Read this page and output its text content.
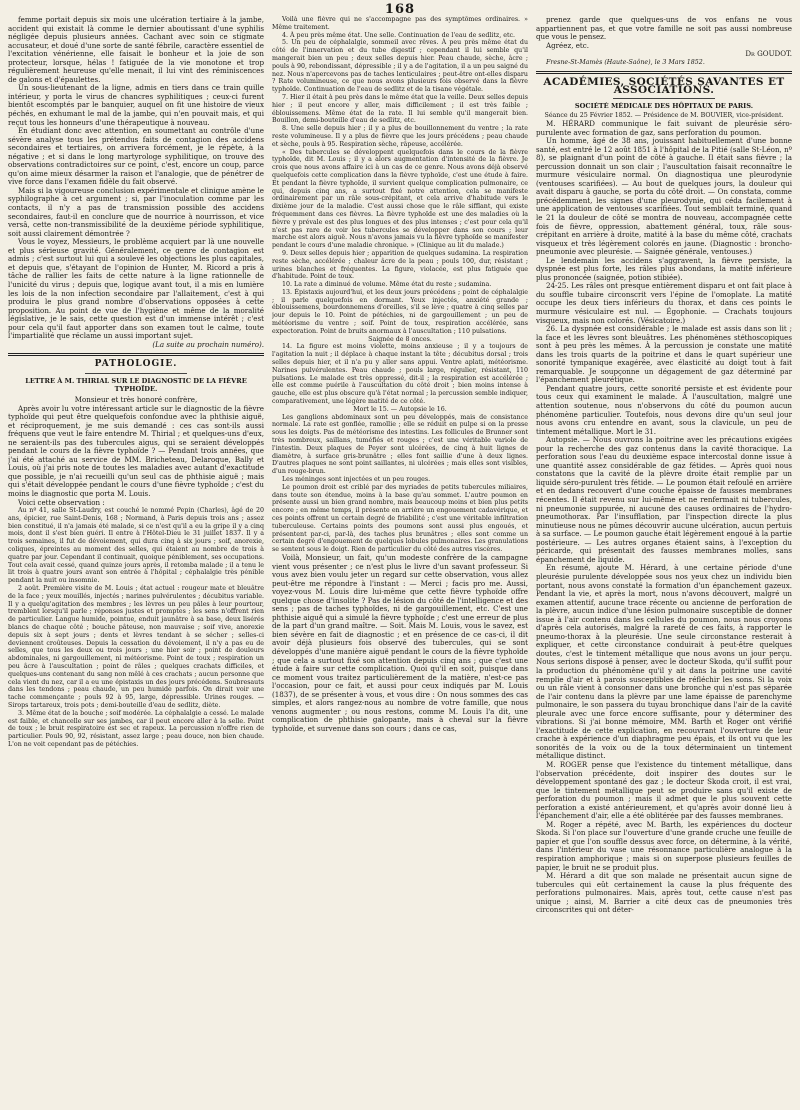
168

femme portait depuis six mois une ulcération tertiaire à la jambe, accident qui existait là comme le dernier aboutissant d'une syphilis négligée depuis plusieurs années. Cachant avec soin ce stigmate accusateur, et doué d'une sorte de santé fébrile, caractère essentiel de l'excitation vénérienne, elle faisait le bonheur et la joie de son protecteur, lorsque, hélas ! fatiguée de la vie monotone et trop régulièrement heureuse qu'elle menait, il lui vint des réminiscences de galons et d'épaulettes.

Un sous-lieutenant de la ligne, admis en tiers dans ce train quille intérieur, y porta le virus de chancres syphilitiques ; ceux-ci furent bientôt escomptés par le banquier, auquel on fit une histoire de vieux péchés, en exhumant le mal de la jambe, qui n'en pouvait mais, et qui reçut tous les honneurs d'une thérapeutique à nouveau.

En étudiant donc avec attention, en soumettant au contrôle d'une sévère analyse tous les prétendus faits de contagion des accidens secondaires et tertiaires, on arrivera forcément, je le répète, à la négative ; et si dans le long martyrologe syphilitique, on trouve des observations contradictoires sur ce point, c'est, encore un coup, parce qu'on aime mieux désarmer la raison et l'analogie, que de pénétrer de vive force dans l'examen fidèle du fait observé.

Mais si la vigoureuse conclusion expérimentale et clinique amène le syphilographe à cet argument ; si, par l'inoculation comme par les contacts, il n'y a pas de transmission possible des accidens secondaires, faut-il en conclure que de nourrice à nourrisson, et vice versâ, cette non-transmissibilité de la deuxième période syphilitique, soit aussi clairement démontrée ?

Vous le voyez, Messieurs, le problème acquiert par là une nouvelle et plus sérieuse gravité. Généralement, ce genre de contagion est admis ; c'est surtout lui qui a soulevé les objections les plus capitales, et depuis que, s'étayant de l'opinion de Hunter, M. Ricord a pris à tâche de rallier les faits de cette nature à la ligne rationnelle de l'unicité du virus ; depuis que, logique avant tout, il a mis en lumière les lois de la non infection secondaire par l'allaitement, c'est à qui produira le plus grand nombre d'observations opposées à cette proposition. Au point de vue de l'hygiène et même de la moralité législative, je le sais, cette question est d'un immense intérêt ; c'est pour cela qu'il faut apporter dans son examen tout le calme, toute l'impartialité que réclame un aussi important sujet.

(La suite au prochain numéro).

PATHOLOGIE.
LETTRE À M. THIRIAL SUR LE DIAGNOSTIC DE LA FIÈVRE TYPHOÏDE.

Monsieur et très honoré confrère,

Après avoir lu votre intéressant article sur le diagnostic de la fièvre typhoïde qui peut être quelquefois confondue avec la phthisie aiguë, et réciproquement, je me suis demandé : ces cas sont-ils aussi fréquens que veut le faire entendre M. Thirial ; et quelques-uns d'eux, ne seraient-ils pas des tubercules aigus, qui se seraient développés pendant le cours de la fièvre typhoïde ? — Pendant trois années, que j'ai été attaché au service de MM. Bricheteau, Delaroque, Bally et Louis, où j'ai pris note de toutes les maladies avec autant d'exactitude que possible, je n'ai recueilli qu'un seul cas de phthisie aiguë ; mais qui s'était développée pendant le cours d'une fièvre typhoïde ; c'est du moins le diagnostic que porta M. Louis.

Voici cette observation :

Au nº 41, salle St-Laudry, est couché le nommé Pepin (Charles), âgé de 20 ans, épicier, rue Saint-Denis, 168 ; Normand, à Paris depuis trois ans ; assez bien constitué, il n'a jamais été malade, si ce n'est qu'il a eu la gripe il y a cinq mois, dont il s'est bien guéri. Il entre à l'Hôtel-Dieu le 31 juillet 1837. Il y a trois semaines, il fut de dévoiement, qui dura cinq à six jours ; soif, anorexie, coliques, épreintes au moment des selles, qui étaient au nombre de trois à quatre par jour. Cependant il continuait, quoique péniblement, ses occupations. Tout cela avait cessé, quand quinze jours après, il retomba malade ; il a tenu le lit trois à quatre jours avant son entrée à l'hôpital ; céphalalgie très pénible pendant la nuit ou insomnie.

2 août. Première visite de M. Louis ; état actuel : rougeur mate et bleuâtre de la face ; yeux mouillés, injectés ; narines pulvérulentes ; décubitus variable. Il y a quelqu'agitation des membres ; les lèvres un peu pâles à leur pourtour, tremblent lorsqu'il parle ; réponses justes et promptes ; les sens n'offrent rien de particulier. Langue humide, pointue, enduit jaunâtre à sa base, deux lisérés blancs de chaque côté ; bouche pâteuse, non mauvaise ; soif vive, anorexie depuis six à sept jours ; dents et lèvres tendant à se sécher ; selles-ci deviennent croûteuses. Depuis la cessation du dévoiement, il n'y a pas eu de selles, que tous les deux ou trois jours ; une hier soir ; point de douleurs abdominales, ni gargouillement, ni météorisme. Point de toux ; respiration un peu âcre à l'auscultation ; point de râles ; quelques crachats difficiles, et quelques-uns contenant du sang non mêlé à ces crachats ; aucun personne que cela vient du nez, car il a eu une épistaxis un des jours précédens. Soubresauts dans les tendons ; peau chaude, un peu humide parfois. On dirait voir une tache commençante ; pouls 92 à 95, large, dépressible. Urines rouges. — Sirops tartareux, trois pots ; demi-bouteille d'eau de sedlitz, diète.

3. Même état de la bouche ; soif modérée. La céphalalgie a cessé. Le malade est faible, et chancelle sur ses jambes, car il peut encore aller à la selle. Point de toux ; le bruit respiratoire est sec et rapeux. La percussion n'offre rien de particulier. Pouls 90, 92, résistant, assez large ; peau douce, non bien chaude. L'on ne voit cependant pas de pétéchies.

Voilà une fièvre qui ne s'accompagne pas des symptômes ordinaires. » Même traitement.

4. À peu près même état. Une selle. Continuation de l'eau de sedlitz, etc.

5. Un peu de céphalalgie, sommeil avec rêves. À peu près même état du côté de l'innervation et du tube digestif ; cependant il lui semble qu'il mangerait bien un peu ; deux selles depuis hier. Peau chaude, sèche, âcre ; pouls à 90, rebondissant, dépressible ; il y a de l'agitation, il a un peu saigné du nez. Nous n'apercevons pas de taches lenticulaires ; peut-être ont-elles disparu ? Rate volumineuse, ce que nous avons plusieurs fois observé dans la fièvre typhoïde. Continuation de l'eau de sedlitz et de la tisane végétale.

7. Hier il était à peu près dans le même état que la veille. Deux selles depuis hier ; il peut encore y aller, mais difficilement ; il est très faible ; éblouissemens. Même état de la rate. Il lui semble qu'il mangerait bien. Bouillon, demi-bouteille d'eau de sedlitz, etc.

8. Une selle depuis hier ; il y a plus de bouillonnement du ventre ; la rate reste volumineuse. Il y a plus de fièvre que les jours précédens ; peau chaude et sèche, pouls à 95. Respiration sèche, râpeuse, accélérée.

« Des tubercules se développent quelquefois dans le cours de la fièvre typhoïde, dit M. Louis ; il y a alors augmentation d'intensité de la fièvre. Je crois que nous avons affaire ici à un cas de ce genre. Nous avons déjà observé quelquefois cette complication dans la fièvre typhoïde, c'est une étude à faire. Et pendant la fièvre typhoïde, il survient quelque complication pulmonaire, ce qui, depuis cinq ans, a surtout fixé notre attention, cela se manifeste ordinairement par un râle sous-crépitant, et cela arrive d'habitude vers le dixième jour de la maladie. C'est aussi chose que le râle sifflant, qui existe fréquemment dans ces fièvres. La fièvre typhoïde est une des maladies où la fièvre y prévale est des plus longues et des plus intenses ; c'est pour cela qu'il n'est pas rare de voir les tubercules se développer dans son cours ; leur marche est alors aiguë. Nous n'avons jamais vu la fièvre typhoïde se manifester pendant le cours d'une maladie chronique. » (Clinique au lit du malade.)

9. Deux selles depuis hier ; apparition de quelques sudamina. La respiration reste sèche, accélérée ; chaleur âcre de la peau ; pouls 100, dur, résistant ; urines blanches et fréquentes. La figure, violacée, est plus fatiguée que d'habitude. Point de toux.

10. La rate a diminué de volume. Même état du reste ; sudamina.

13. Épistaxis aujourd'hui, et les deux jours précédens ; point de céphalalgie ; il parle quelquefois en dormant. Yeux injectés, anxiété grande ; éblouissemens, bourdonnemens d'oreilles, s'il se lève ; quatre à cinq selles par jour depuis le 10. Point de pétéchies, ni de gargouillement ; un peu de météorisme du ventre ; soif. Point de toux, respiration accélérée, sans expectoration. Point de bruits anormaux à l'auscultation ; 110 pulsations.

Saignée de 8 onces.

14. La figure est moins violette, moins anxieuse ; il y a toujours de l'agitation la nuit ; il déplace à chaque instant la tête ; décubitus dorsal ; trois selles depuis hier, et il n'a pu y aller sans appui. Ventre aplati, météorisme. Narines pulvérulentes. Peau chaude ; pouls large, régulier, résistant, 110 pulsations. Le malade est très oppressé, dit-il ; la respiration est accélérée ; elle est comme puérile à l'auscultation du côté droit ; bien moins intense à gauche, elle est plus obscure qu'à l'état normal ; la percussion semble indiquer, comparativement, une légère matité de ce côté.

Mort le 15. — Autopsie le 16.

Les ganglions abdominaux sont un peu développés, mais de consistance normale. La rate est gonflée, ramollie ; elle se réduit en pulpe si on la presse sous les doigts. Pas de météorisme des intestins. Les follicules de Brunner sont très nombreux, saillans, tuméfiés et rouges ; c'est une véritable variole de l'intestin. Deux plaques de Peyer sont ulcérées, de cinq à huit lignes de diamètre, à surface gris-brunâtre ; elles font saillie d'une à deux lignes. D'autres plaques ne sont point saillantes, ni ulcérées ; mais elles sont visibles, d'un rouge-brun.

Les méninges sont injectées et un peu rouges.

Le poumon droit est criblé par des myriades de petits tubercules miliaires, dans toute son étendue, moins à la base qu'au sommet. L'autre poumon en présente aussi un bien grand nombre, mais beaucoup moins et bien plus petits encore ; en même temps, il présente en arrière un engouement cadavérique, et ces points offrent un certain degré de friabilité ; c'est une véritable infiltration tuberculeuse. Certains points des poumons sont aussi plus engoués, et présentent par-ci, par-là, des taches plus brunâtres ; elles sont comme un certain degré d'engouement de quelques lobules pulmonaires. Les granulations se sentent sous le doigt. Rien de particulier du côté des autres viscères.

Voilà, Monsieur, un fait, qu'un modeste confrère de la campagne vient vous présenter ; ce n'est plus le livre d'un savant professeur. Si vous avez bien voulu jeter un regard sur cette observation, vous allez peut-être me répondre à l'instant : — Merci ; facis pro me. Aussi, voyez-vous M. Louis dire lui-même que cette fièvre typhoïde offre quelque chose d'insolite ? Pas de lésion du côté de l'intelligence et des sens ; pas de taches typhoïdes, ni de gargouillement, etc. C'est une phthisie aiguë qui a simulé la fièvre typhoïde ; c'est une erreur de plus de la part d'un grand maître. — Soit. Mais M. Louis, vous le savez, est bien sévère en fait de diagnostic ; et en présence de ce cas-ci, il dit avoir déjà plusieurs fois observé des tubercules, qui se sont développés d'une manière aiguë pendant le cours de la fièvre typhoïde ; que cela a surtout fixé son attention depuis cinq ans ; que c'est une étude à faire sur cette complication. Quoi qu'il en soit, puisque dans ce moment vous traitez particulièrement de la matière, n'est-ce pas l'occasion, pour ce fait, et aussi pour ceux indiqués par M. Louis (1837), de se présenter à vous, et vous dire : On nous sommes des cas simples, et alors rangez-nous au nombre de votre famille, que nous venons augmenter ; ou nous restons, comme M. Louis l'a dit, une complication de phthisie galopante, mais à cheval sur la fièvre typhoïde, et survenue dans son cours ; dans ce cas,

prenez garde que quelques-uns de vos enfans ne vous appartiennent pas, et que votre famille ne soit pas aussi nombreuse que vous le pensez.

Agréez, etc.

Dr GOUDOT.

Fresne-St-Mamès (Haute-Saône), le 3 Mars 1852.

ACADÉMIES, SOCIÉTÉS SAVANTES ET ASSOCIATIONS.
SOCIÉTÉ MÉDICALE DES HÔPITAUX DE PARIS.

Séance du 25 Février 1852. — Présidence de M. BOUVIER, vice-président.

M. HÉRARD communique le fait suivant de pleurésie séro-purulente avec formation de gaz, sans perforation du poumon.

Un homme, âgé de 38 ans, jouissant habituellement d'une bonne santé, est entré le 12 août 1851 à l'hôpital de la Pitié (salle St-Léon, nº 8), se plaignant d'un point de côté à gauche. Il était sans fièvre ; la percussion donnait un son clair ; l'auscultation faisait reconnaître le murmure vésiculaire normal. On diagnostiqua une pleurodynie (ventouses scarifiées). — Au bout de quelques jours, la douleur qui avait disparu à gauche, se porta du côté droit. — On constata, comme précédemment, les signes d'une pleurodynie, qui céda facilement à une application de ventouses scarifiées. Tout semblait terminé, quand le 21 la douleur de côté se montra de nouveau, accompagnée cette fois de fièvre, oppression, abattement général, toux, râle sous-crépitant en arrière à droite, matité à la base du même côté, crachats visqueux et très légèrement colorés en jaune. (Diagnostic : broncho-pneumonie avec pleurésie. — Saignée générale, ventouses.)

Le lendemain les accidens s'aggravent, la fièvre persiste, la dyspnée est plus forte, les râles plus abondans, la matité inférieure plus prononcée (saignée, potion stibiée).

24-25. Les râles ont presque entièrement disparu et ont fait place à du souffle tubaire circonscrit vers l'épine de l'omoplate. La matité occupe les deux tiers inférieurs du thorax, et dans ces points le murmure vésiculaire est nul. — Égophonie. — Crachats toujours visqueux, mais non colorés. (Vésicatoire.)

26. La dyspnée est considérable ; le malade est assis dans son lit ; la face et les lèvres sont bleuâtres. Les phénomènes stéthoscopiques sont à peu près les mêmes. À la percussion je constate une matité dans les trois quarts de la poitrine et dans le quart supérieur une sonorité tympanique exagérée, avec élasticité au doigt tout à fait remarquable. Je soupçonne un dégagement de gaz déterminé par l'épanchement pleurétique.

Pendant quatre jours, cette sonorité persiste et est évidente pour tous ceux qui examinent le malade. À l'auscultation, malgré une attention soutenue, nous n'observons du côté du poumon aucun phénomène particulier. Toutefois, nous devons dire qu'un seul jour nous avons cru entendre en avant, sous la clavicule, un peu de tintement métallique. Mort le 31.

Autopsie. — Nous ouvrons la poitrine avec les précautions exigées pour la recherche des gaz contenus dans la cavité thoracique. La perforation sous l'eau du deuxième espace intercostal donne issue à une quantité assez considérable de gaz fétides. — Après quoi nous constatons que la cavité de la plèvre droite était remplie par un liquide séro-purulent très fétide. — Le poumon était refoulé en arrière et en dedans recouvert d'une couche épaisse de fausses membranes récentes. Il était revenu sur lui-même et ne renfermait ni tubercules, ni pneumonie suppurée, ni aucune des causes ordinaires de l'hydro-pneumothorax. Par l'insufflation, par l'inspection directe la plus minutieuse nous ne pûmes découvrir aucune ulcération, aucun pertuis à sa surface. — Le poumon gauche était légèrement engoué à la partie postérieure. — Les autres organes étaient sains, à l'exception du péricarde, qui présentait des fausses membranes molles, sans épanchement de liquide.

En résumé, ajoute M. Hérard, à une certaine période d'une pleurésie purulente développée sous nos yeux chez un individu bien portant, nous avons constaté la formation d'un épanchement gazeux. Pendant la vie, et après la mort, nous n'avons découvert, malgré un examen attentif, aucune trace récente ou ancienne de perforation de la plèvre, aucun indice d'une lésion pulmonaire susceptible de donner issue à l'air contenu dans les cellules du poumon, nous nous croyons d'après cela autorisés, malgré la rareté de ces faits, à rapporter le pneumo-thorax à la pleurésie. Une seule circonstance resterait à expliquer, et cette circonstance conduirait à peut-être quelques doutes, c'est le tintement métallique que nous avons un jour perçu. Nous serions disposé à penser, avec le docteur Skoda, qu'il suffit pour la production du phénomène qu'il y ait dans la poitrine une cavité remplie d'air et à parois susceptibles de réfléchir les sons. Si la voix ou un râle vient à consonner dans une bronche qui n'est pas séparée de l'air contenu dans la plèvre par une lame épaisse de parenchyme pulmonaire, le son passera du tuyau bronchique dans l'air de la cavité pleurale avec une force encore suffisante, pour y déterminer des vibrations. Si j'ai bonne mémoire, MM. Barth et Roger ont vérifié l'exactitude de cette explication, en recouvrant l'ouverture de leur crache à expérience d'un diaphragme peu épais, et ils ont vu que les sonorités de la voix ou de la toux déterminaient un tintement métallique distinct.

M. ROGER pense que l'existence du tintement métallique, dans l'observation précédente, doit inspirer des doutes sur le développement spontané des gaz ; le docteur Skoda croit, il est vrai, que le tintement métallique peut se produire sans qu'il existe de perforation du poumon ; mais il admet que le plus souvent cette perforation a existé antérieurement, et qu'après avoir donné lieu à l'épanchement d'air, elle a été oblitérée par des fausses membranes.

M. Roger a répété, avec M. Barth, les expériences du docteur Skoda. Si l'on place sur l'ouverture d'une grande cruche une feuille de papier et que l'on souffle dessus avec force, on détermine, à la vérité, dans l'intérieur du vase une résonnance particulière analogue à la respiration amphorique ; mais si on superpose plusieurs feuilles de papier, le bruit ne se produit plus.

M. Hérard a dit que son malade ne présentait aucun signe de tubercules qui eût certainement la cause la plus fréquente des perforations pulmonaires. Mais, après tout, cette cause n'est pas unique ; ainsi, M. Barrier a cité deux cas de pneumonies très circonscrites qui ont déter-
